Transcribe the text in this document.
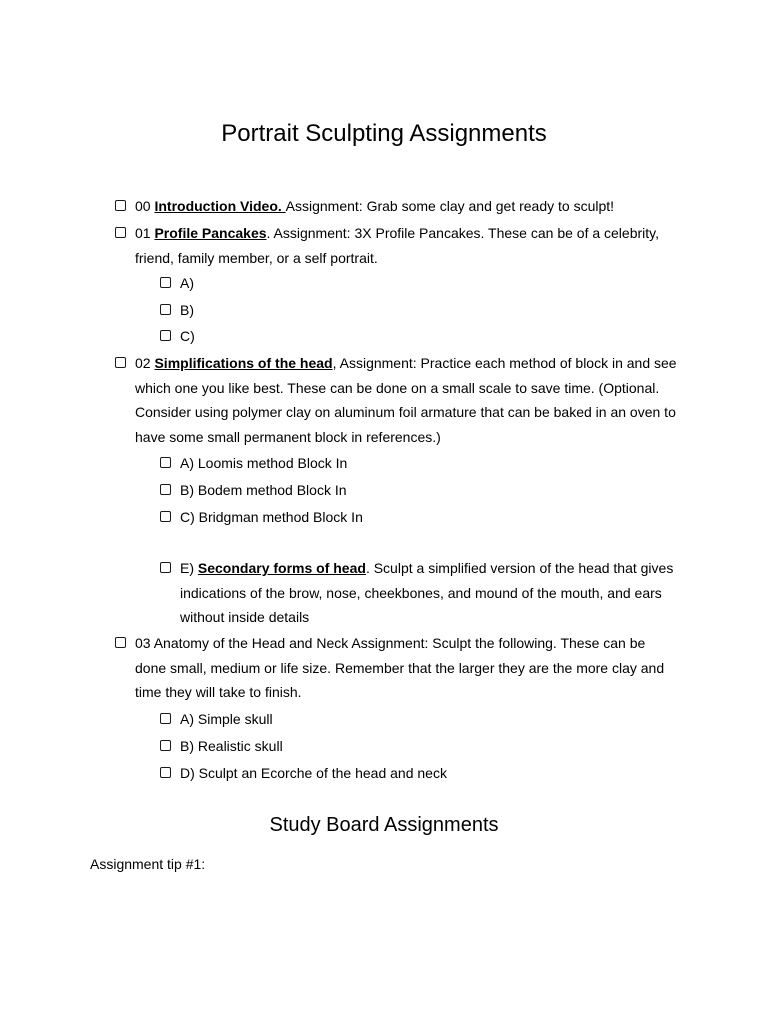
Portrait Sculpting Assignments
00 Introduction Video. Assignment: Grab some clay and get ready to sculpt!
01 Profile Pancakes. Assignment: 3X Profile Pancakes. These can be of a celebrity, friend, family member, or a self portrait.
A)
B)
C)
02 Simplifications of the head, Assignment: Practice each method of block in and see which one you like best. These can be done on a small scale to save time. (Optional. Consider using polymer clay on aluminum foil armature that can be baked in an oven to have some small permanent block in references.)
A) Loomis method Block In
B) Bodem method Block In
C) Bridgman method Block In
E) Secondary forms of head. Sculpt a simplified version of the head that gives indications of the brow, nose, cheekbones, and mound of the mouth, and ears without inside details
03 Anatomy of the Head and Neck Assignment: Sculpt the following. These can be done small, medium or life size. Remember that the larger they are the more clay and time they will take to finish.
A) Simple skull
B) Realistic skull
D) Sculpt an Ecorche of the head and neck
Study Board Assignments
Assignment tip #1:
